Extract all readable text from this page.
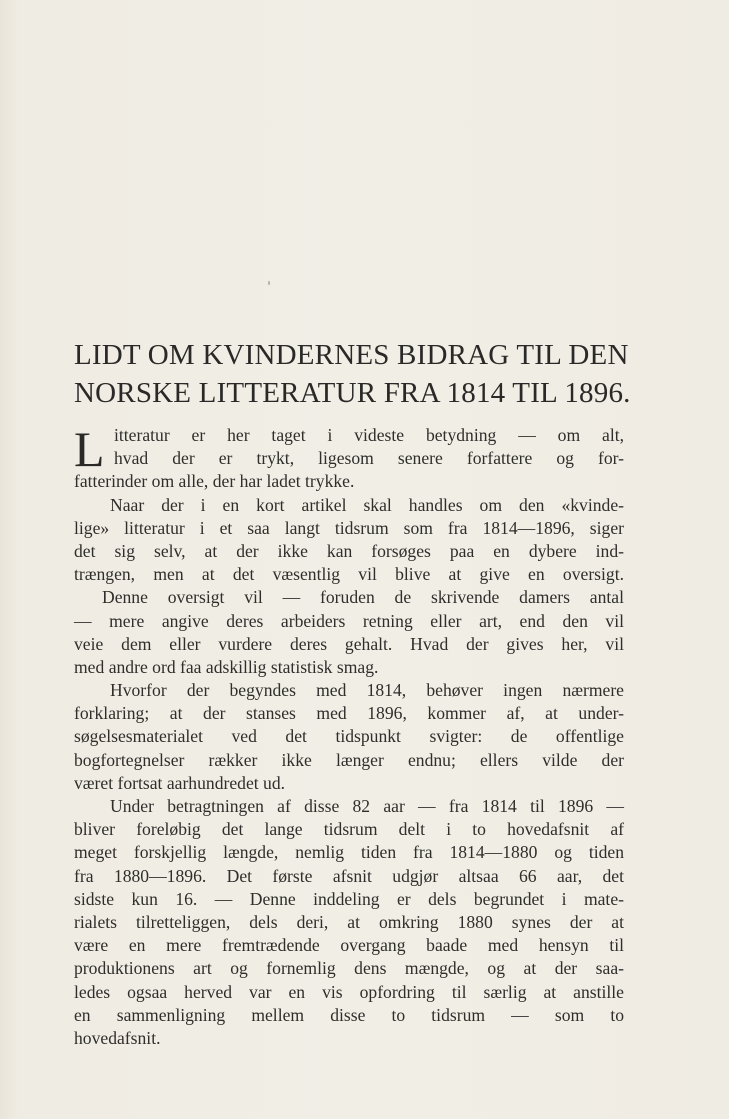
LIDT OM KVINDERNES BIDRAG TIL DEN
NORSKE LITTERATUR FRA 1814 TIL 1896.
L itteratur er her taget i videste betydning — om alt,
hvad der er trykt, ligesom senere forfattere og for-
fatterinder om alle, der har ladet trykke.
Naar der i en kort artikel skal handles om den «kvinde-
lige» litteratur i et saa langt tidsrum som fra 1814—1896, siger
det sig selv, at der ikke kan forsøges paa en dybere ind-
trængen, men at det væsentlig vil blive at give en oversigt.
Denne oversigt vil — foruden de skrivende damers antal
— mere angive deres arbeiders retning eller art, end den vil
veie dem eller vurdere deres gehalt. Hvad der gives her, vil
med andre ord faa adskillig statistisk smag.
Hvorfor der begyndes med 1814, behøver ingen nærmere
forklaring; at der stanses med 1896, kommer af, at under-
søgelsesmaterialet ved det tidspunkt svigter: de offentlige
bogfortegnelser rækker ikke længer endnu; ellers vilde der
været fortsat aarhundredet ud.
Under betragtningen af disse 82 aar — fra 1814 til 1896 —
bliver foreløbig det lange tidsrum delt i to hovedafsnit af
meget forskjellig længde, nemlig tiden fra 1814—1880 og tiden
fra 1880—1896. Det første afsnit udgjør altsaa 66 aar, det
sidste kun 16. — Denne inddeling er dels begrundet i mate-
rialets tilretteliggen, dels deri, at omkring 1880 synes der at
være en mere fremtrædende overgang baade med hensyn til
produktionens art og fornemlig dens mængde, og at der saa-
ledes ogsaa herved var en vis opfordring til særlig at anstille
en sammenligning mellem disse to tidsrum — som to
hovedafsnit.
